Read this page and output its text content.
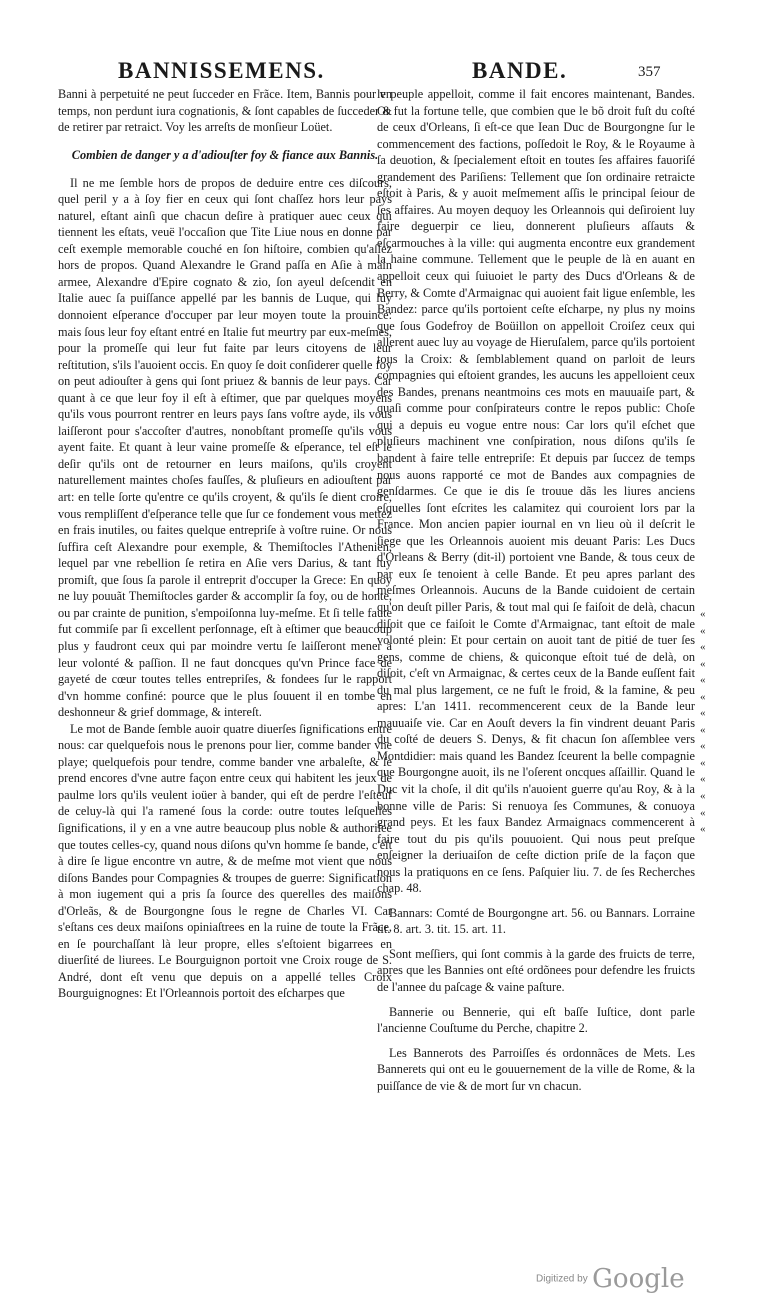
BANNISSEMENS.	BANDE.	357

Banni à perpetuité ne peut ſucceder en Frãce. Item, Bannis pour vn temps, non perdunt iura cognationis, & ſont capables de ſucceder & de retirer par retraict. Voy les arreſts de monſieur Loüet.

Combien de danger y a d'adiouſter foy & fiance aux Bannis.

Il ne me ſemble hors de propos de deduire entre ces diſcours, quel peril y a à ſoy fier en ceux qui ſont chaſſez hors leur pays naturel, eſtant ainſi que chacun deſire à pratiquer auec ceux qui tiennent les eſtats, veuë l'occaſion que Tite Liue nous en donne par ceſt exemple memorable couché en ſon hiſtoire, combien qu'aſſez hors de propos. Quand Alexandre le Grand paſſa en Aſie à main armee, Alexandre d'Epire cognato & zio, ſon ayeul deſcendit en Italie auec ſa puiſſance appellé par les bannis de Luque, qui luy donnoient eſperance d'occuper par leur moyen toute la prouince: mais ſous leur foy eſtant entré en Italie fut meurtry par eux-meſmes, pour la promeſſe qui leur fut faite par leurs citoyens de leur reſtitution, s'ils l'auoient occis. En quoy ſe doit conſiderer quelle foy on peut adiouſter à gens qui ſont priuez & bannis de leur pays. Car quant à ce que leur foy il eſt à eſtimer, que par quelques moyens qu'ils vous pourront rentrer en leurs pays ſans voſtre ayde, ils vous laiſſeront pour s'accoſter d'autres, nonobſtant promeſſe qu'ils vous ayent faite. Et quant à leur vaine promeſſe & eſperance, tel eſt le deſir qu'ils ont de retourner en leurs maiſons, qu'ils croyent naturellement maintes choſes fauſſes, & pluſieurs en adiouſtent par art: en telle ſorte qu'entre ce qu'ils croyent, & qu'ils ſe dient croire, vous rempliſſent d'eſperance telle que ſur ce fondement vous mettez en frais inutiles, ou faites quelque entrepriſe à voſtre ruine. Or nous ſuffira ceſt Alexandre pour exemple, & Themiſtocles l'Athenien, lequel par vne rebellion ſe retira en Aſie vers Darius, & tant luy promiſt, que ſous ſa parole il entreprit d'occuper la Grece: En quoy ne luy pouuãt Themiſtocles garder & accomplir ſa foy, ou de honte, ou par crainte de punition, s'empoiſonna luy-meſme. Et ſi telle faute fut commiſe par ſi excellent perſonnage, eſt à eſtimer que beaucoup plus y faudront ceux qui par moindre vertu ſe laiſſeront mener à leur volonté & paſſion. Il ne faut doncques qu'vn Prince face de gayeté de cœur toutes telles entrepriſes, & fondees ſur le rapport d'vn homme confiné: pource que le plus ſouuent il en tombe en deshonneur & grief dommage, & intereſt.

Le mot de Bande ſemble auoir quatre diuerſes ſignifications entre nous: car quelquefois nous le prenons pour lier, comme bander vne playe; quelquefois pour tendre, comme bander vne arbaleſte, & ſe prend encores d'vne autre façon entre ceux qui habitent les jeux de paulme lors qu'ils veulent ioüer à bander, qui eſt de perdre l'eſteuf de celuy-là qui l'a ramené ſous la corde: outre toutes leſquelles ſignifications, il y en a vne autre beaucoup plus noble & authoriſee que toutes celles-cy, quand nous diſons qu'vn homme ſe bande, c'eſt à dire ſe ligue encontre vn autre, & de meſme mot vient que nous diſons Bandes pour Compagnies & troupes de guerre: Signification à mon iugement qui a pris ſa ſource des querelles des maiſons d'Orleãs, & de Bourgongne ſous le regne de Charles VI. Car s'eſtans ces deux maiſons opiniaſtrees en la ruine de toute la Frãce, en ſe pourchaſſant là leur propre, elles s'eſtoient bigarrees en diuerſité de liurees. Le Bourguignon portoit vne Croix rouge de S. André, dont eſt venu que depuis on a appellé telles Croix Bourguignognes: Et l'Orleannois portoit des eſcharpes que

le peuple appelloit, comme il fait encores maintenant, Bandes. Or fut la fortune telle, que combien que le bõ droit fuſt du coſté de ceux d'Orleans, ſi eſt-ce que Iean Duc de Bourgongne ſur le commencement des factions, poſſedoit le Roy, & le Royaume à ſa deuotion, & ſpecialement eſtoit en toutes ſes affaires fauoriſé grandement des Pariſiens: Tellement que ſon ordinaire retraicte eſtoit à Paris, & y auoit meſmement aſſis le principal ſeiour de ſes affaires. Au moyen dequoy les Orleannois qui deſiroient luy faire deguerpir ce lieu, donnerent pluſieurs aſſauts & eſcarmouches à la ville: qui augmenta encontre eux grandement la haine commune. Tellement que le peuple de là en auant en appelloit ceux qui ſuiuoiet le party des Ducs d'Orleans & de Berry, & Comte d'Armaignac qui auoient fait ligue enſemble, les Bandez: parce qu'ils portoient ceſte eſcharpe, ny plus ny moins que ſous Godefroy de Boüillon on appelloit Croiſez ceux qui allerent auec luy au voyage de Hieruſalem, parce qu'ils portoient tous la Croix: & ſemblablement quand on parloit de leurs compagnies qui eſtoient grandes, les aucuns les appelloient ceux des Bandes, prenans neantmoins ces mots en mauuaiſe part, & quaſi comme pour conſpirateurs contre le repos public: Choſe qui a depuis eu vogue entre nous: Car lors qu'il eſchet que pluſieurs machinent vne conſpiration, nous diſons qu'ils ſe bandent à faire telle entrepriſe: Et depuis par ſuccez de temps nous auons rapporté ce mot de Bandes aux compagnies de genſdarmes. Ce que ie dis ſe trouue dãs les liures anciens eſquelles ſont eſcrites les calamitez qui couroient lors par la France. Mon ancien papier iournal en vn lieu où il deſcrit le ſiege que les Orleannois auoient mis deuant Paris: Les Ducs d'Orleans & Berry (dit-il) portoient vne Bande, & tous ceux de par eux ſe tenoient à celle Bande. Et peu apres parlant des meſmes Orleannois. Aucuns de la Bande cuidoient de certain qu'on deuſt piller Paris, & tout mal qui ſe faiſoit de delà, chacun diſoit que ce faiſoit le Comte d'Armaignac, tant eſtoit de male volonté plein: Et pour certain on auoit tant de pitié de tuer ſes gens, comme de chiens, & quiconque eſtoit tué de delà, on diſoit, c'eſt vn Armaignac, & certes ceux de la Bande euſſent fait du mal plus largement, ce ne fuſt le froid, & la famine, & peu apres: L'an 1411. recommencerent ceux de la Bande leur mauuaiſe vie. Car en Aouſt devers la fin vindrent deuant Paris du coſté de deuers S. Denys, & fit chacun ſon aſſemblee vers Montdidier: mais quand les Bandez ſceurent la belle compagnie que Bourgongne auoit, ils ne l'oſerent oncques aſſaillir. Quand le Duc vit la choſe, il dit qu'ils n'auoient guerre qu'au Roy, & à la bonne ville de Paris: Si renuoya ſes Communes, & conuoya grand peys. Et les faux Bandez Armaignacs commencerent à faire tout du pis qu'ils pouuoient. Qui nous peut preſque enſeigner la deriuaiſon de ceſte diction priſe de la façon que nous la pratiquons en ce ſens. Paſquier liu. 7. de ſes Recherches chap. 48.

Bannars: Comté de Bourgongne art. 56. ou Bannars. Lorraine tit. 8. art. 3. tit. 15. art. 11.

Sont meſſiers, qui ſont commis à la garde des fruicts de terre, apres que les Bannies ont eſté ordõnees pour defendre les fruicts de l'annee du paſcage & vaine paſture.

Bannerie ou Bennerie, qui eſt baſſe Iuſtice, dont parle l'ancienne Couſtume du Perche, chapitre 2.

Les Bannerots des Parroiſſes és ordonnãces de Mets. Les Bannerets qui ont eu le gouuernement de la ville de Rome, & la puiſſance de vie & de mort ſur vn chacun.

«
«
«
«
«
«
«
«
«
«
«
«
«
«
Digitized by Google
